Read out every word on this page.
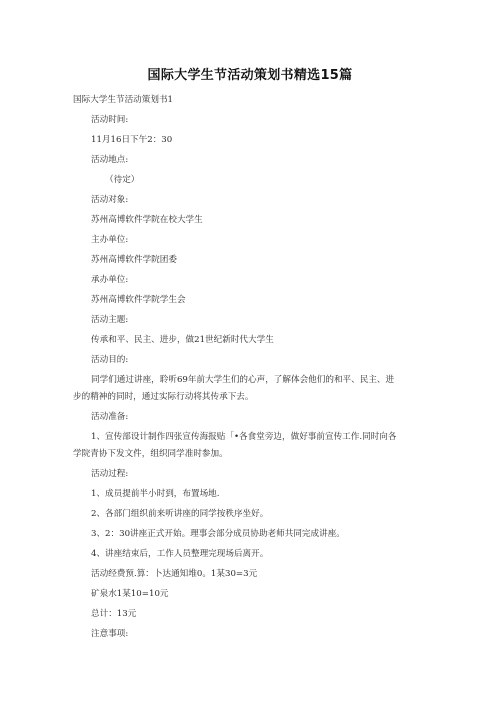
国际大学生节活动策划书精选15篇
国际大学生节活动策划书1
活动时间:
11月16日下午2：30
活动地点:
（待定）
活动对象:
苏州高博软件学院在校大学生
主办单位:
苏州高博软件学院团委
承办单位:
苏州高博软件学院学生会
活动主题:
传承和平、民主、进步，做21世纪新时代大学生
活动目的:
同学们通过讲座，聆听69年前大学生们的心声，了解体会他们的和平、民主、进
步的精神的同时，通过实际行动将其传承下去。
活动准备:
1、宣传部设计制作四张宣传海报贴「•各食堂旁边，做好事前宣传工作.同时向各
学院青协下发文件，组织同学准时参加。
活动过程:
1、成员提前半小时到，布置场地.
2、各部门组织前来听讲座的同学按秩序坐好。
3、2：30讲座正式开始。理事会部分成员协助老师共同完成讲座。
4、讲座结束后，工作人员整理完现场后离开。
活动经费预.算：卜达通知堆0。1某30=3元
矿泉水1某10=10元
总计：13元
注意事项:
